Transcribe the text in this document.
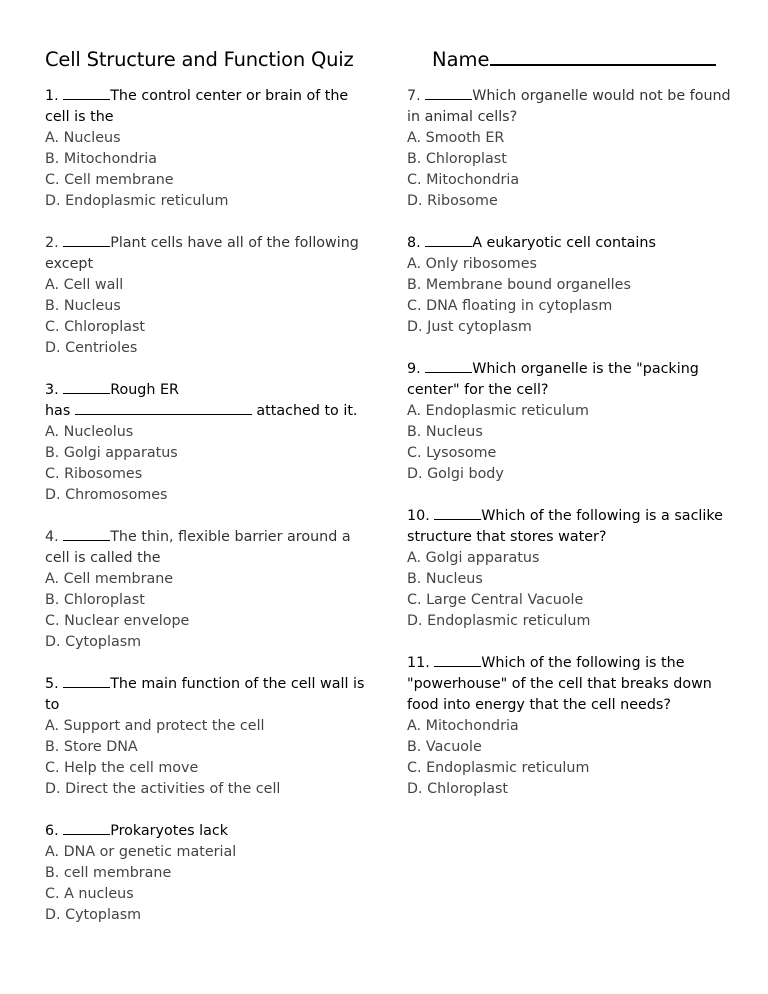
Cell Structure and Function Quiz	Name
1.	The control center or brain of the cell is the
A. Nucleus
B. Mitochondria
C. Cell membrane
D. Endoplasmic reticulum
2.	Plant cells have all of the following except
A. Cell wall
B. Nucleus
C. Chloroplast
D. Centrioles
3.	Rough ER
has	attached to it.
A. Nucleolus
B. Golgi apparatus
C. Ribosomes
D. Chromosomes
4.	The thin, flexible barrier around a cell is called the
A. Cell membrane
B. Chloroplast
C. Nuclear envelope
D. Cytoplasm
5.	The main function of the cell wall is to
A. Support and protect the cell
B. Store DNA
C. Help the cell move
D. Direct the activities of the cell
6.	Prokaryotes lack
A. DNA or genetic material
B. cell membrane
C. A nucleus
D. Cytoplasm
7.	Which organelle would not be found in animal cells?
A. Smooth ER
B. Chloroplast
C. Mitochondria
D. Ribosome
8.	A eukaryotic cell contains
A. Only ribosomes
B. Membrane bound organelles
C. DNA floating in cytoplasm
D. Just cytoplasm
9.	Which organelle is the "packing center" for the cell?
A. Endoplasmic reticulum
B. Nucleus
C. Lysosome
D. Golgi body
10.	Which of the following is a saclike structure that stores water?
A. Golgi apparatus
B. Nucleus
C. Large Central Vacuole
D. Endoplasmic reticulum
11.	Which of the following is the "powerhouse" of the cell that breaks down food into energy that the cell needs?
A. Mitochondria
B. Vacuole
C. Endoplasmic reticulum
D. Chloroplast
